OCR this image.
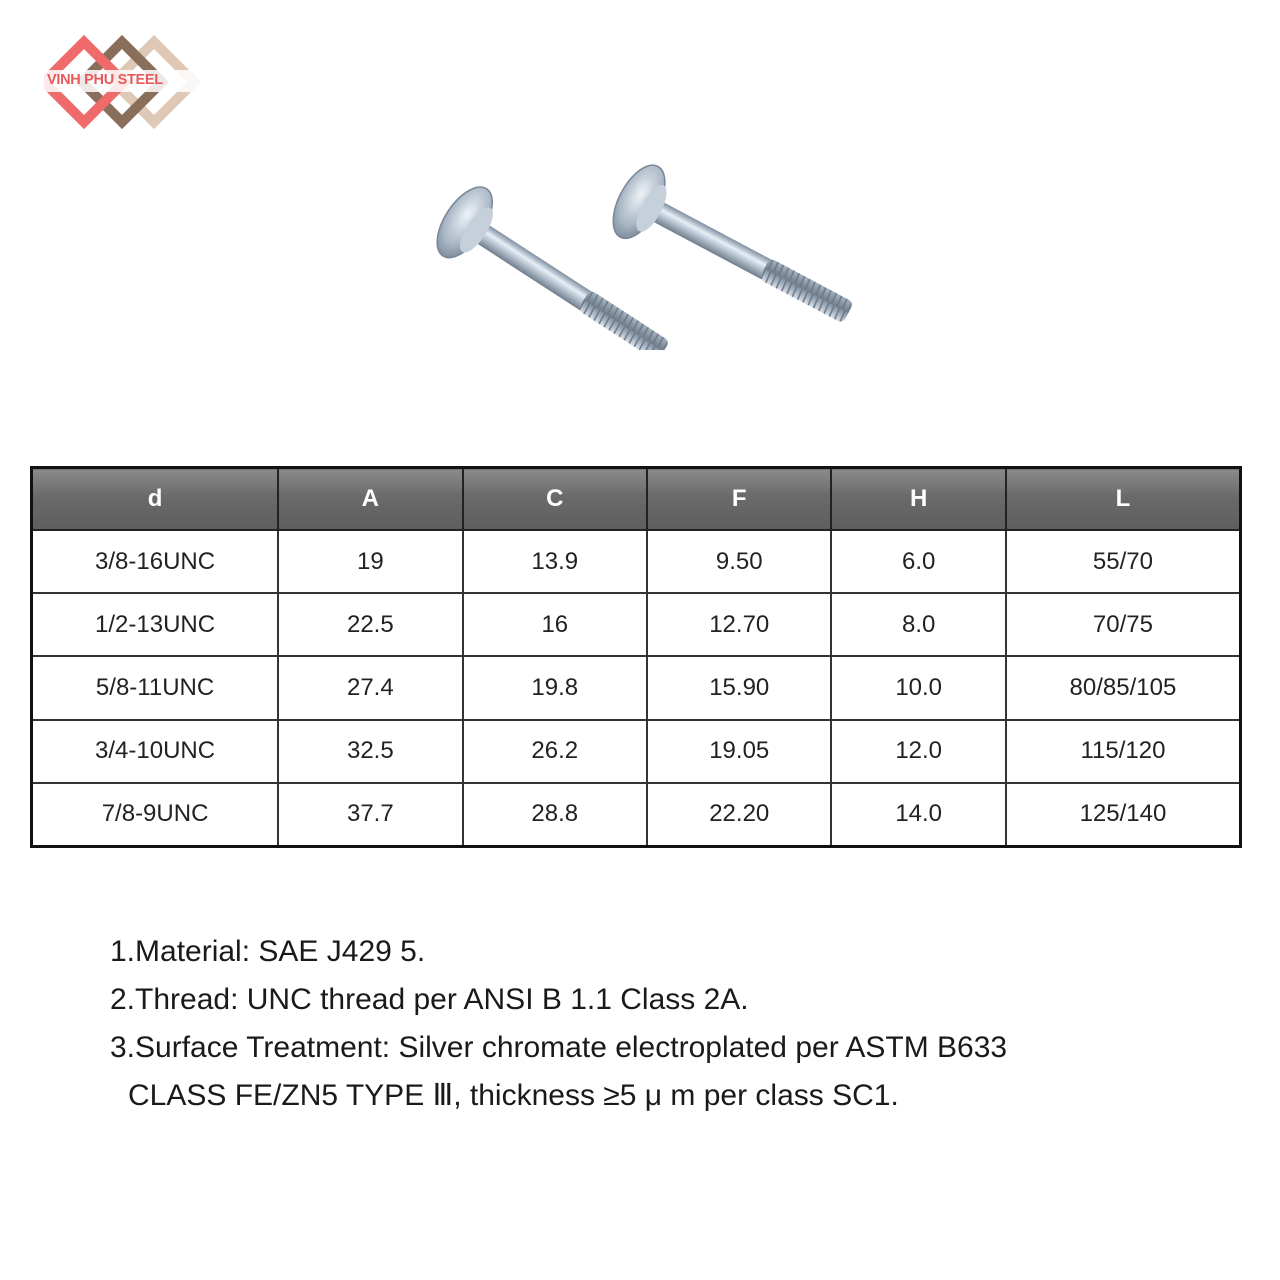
VINH PHU STEEL
d	A	C	F	H	L
3/8-16UNC	19	13.9	9.50	6.0	55/70
1/2-13UNC	22.5	16	12.70	8.0	70/75
5/8-11UNC	27.4	19.8	15.90	10.0	80/85/105
3/4-10UNC	32.5	26.2	19.05	12.0	115/120
7/8-9UNC	37.7	28.8	22.20	14.0	125/140
1.Material: SAE J429 5.
2.Thread: UNC thread per ANSI B 1.1 Class 2A.
3.Surface Treatment: Silver chromate electroplated per ASTM B633
CLASS FE/ZN5 TYPE Ⅲ, thickness ≥5 μ m per class SC1.
